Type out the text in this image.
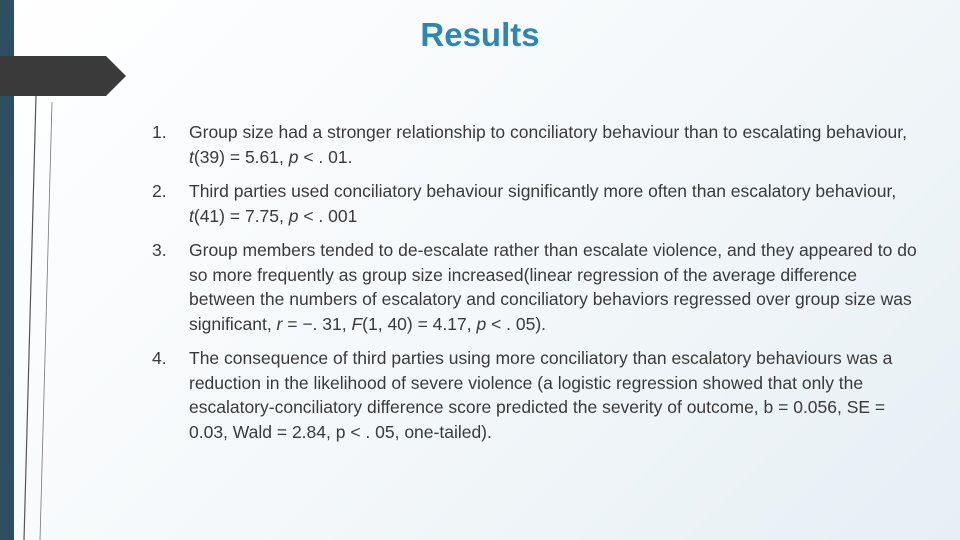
Results
1.	Group size had a stronger relationship to conciliatory behaviour than to escalating behaviour, t(39) = 5.61, p < . 01.
2.	Third parties used conciliatory behaviour significantly more often than escalatory behaviour, t(41) = 7.75, p < . 001
3.	Group members tended to de-escalate rather than escalate violence, and they appeared to do so more frequently as group size increased(linear regression of the average difference between the numbers of escalatory and conciliatory behaviors regressed over group size was significant, r = −. 31, F(1, 40) = 4.17, p < . 05).
4.	The consequence of third parties using more conciliatory than escalatory behaviours was a reduction in the likelihood of severe violence (a logistic regression showed that only the escalatory-conciliatory difference score predicted the severity of outcome, b = 0.056, SE = 0.03, Wald = 2.84, p < . 05, one-tailed).
